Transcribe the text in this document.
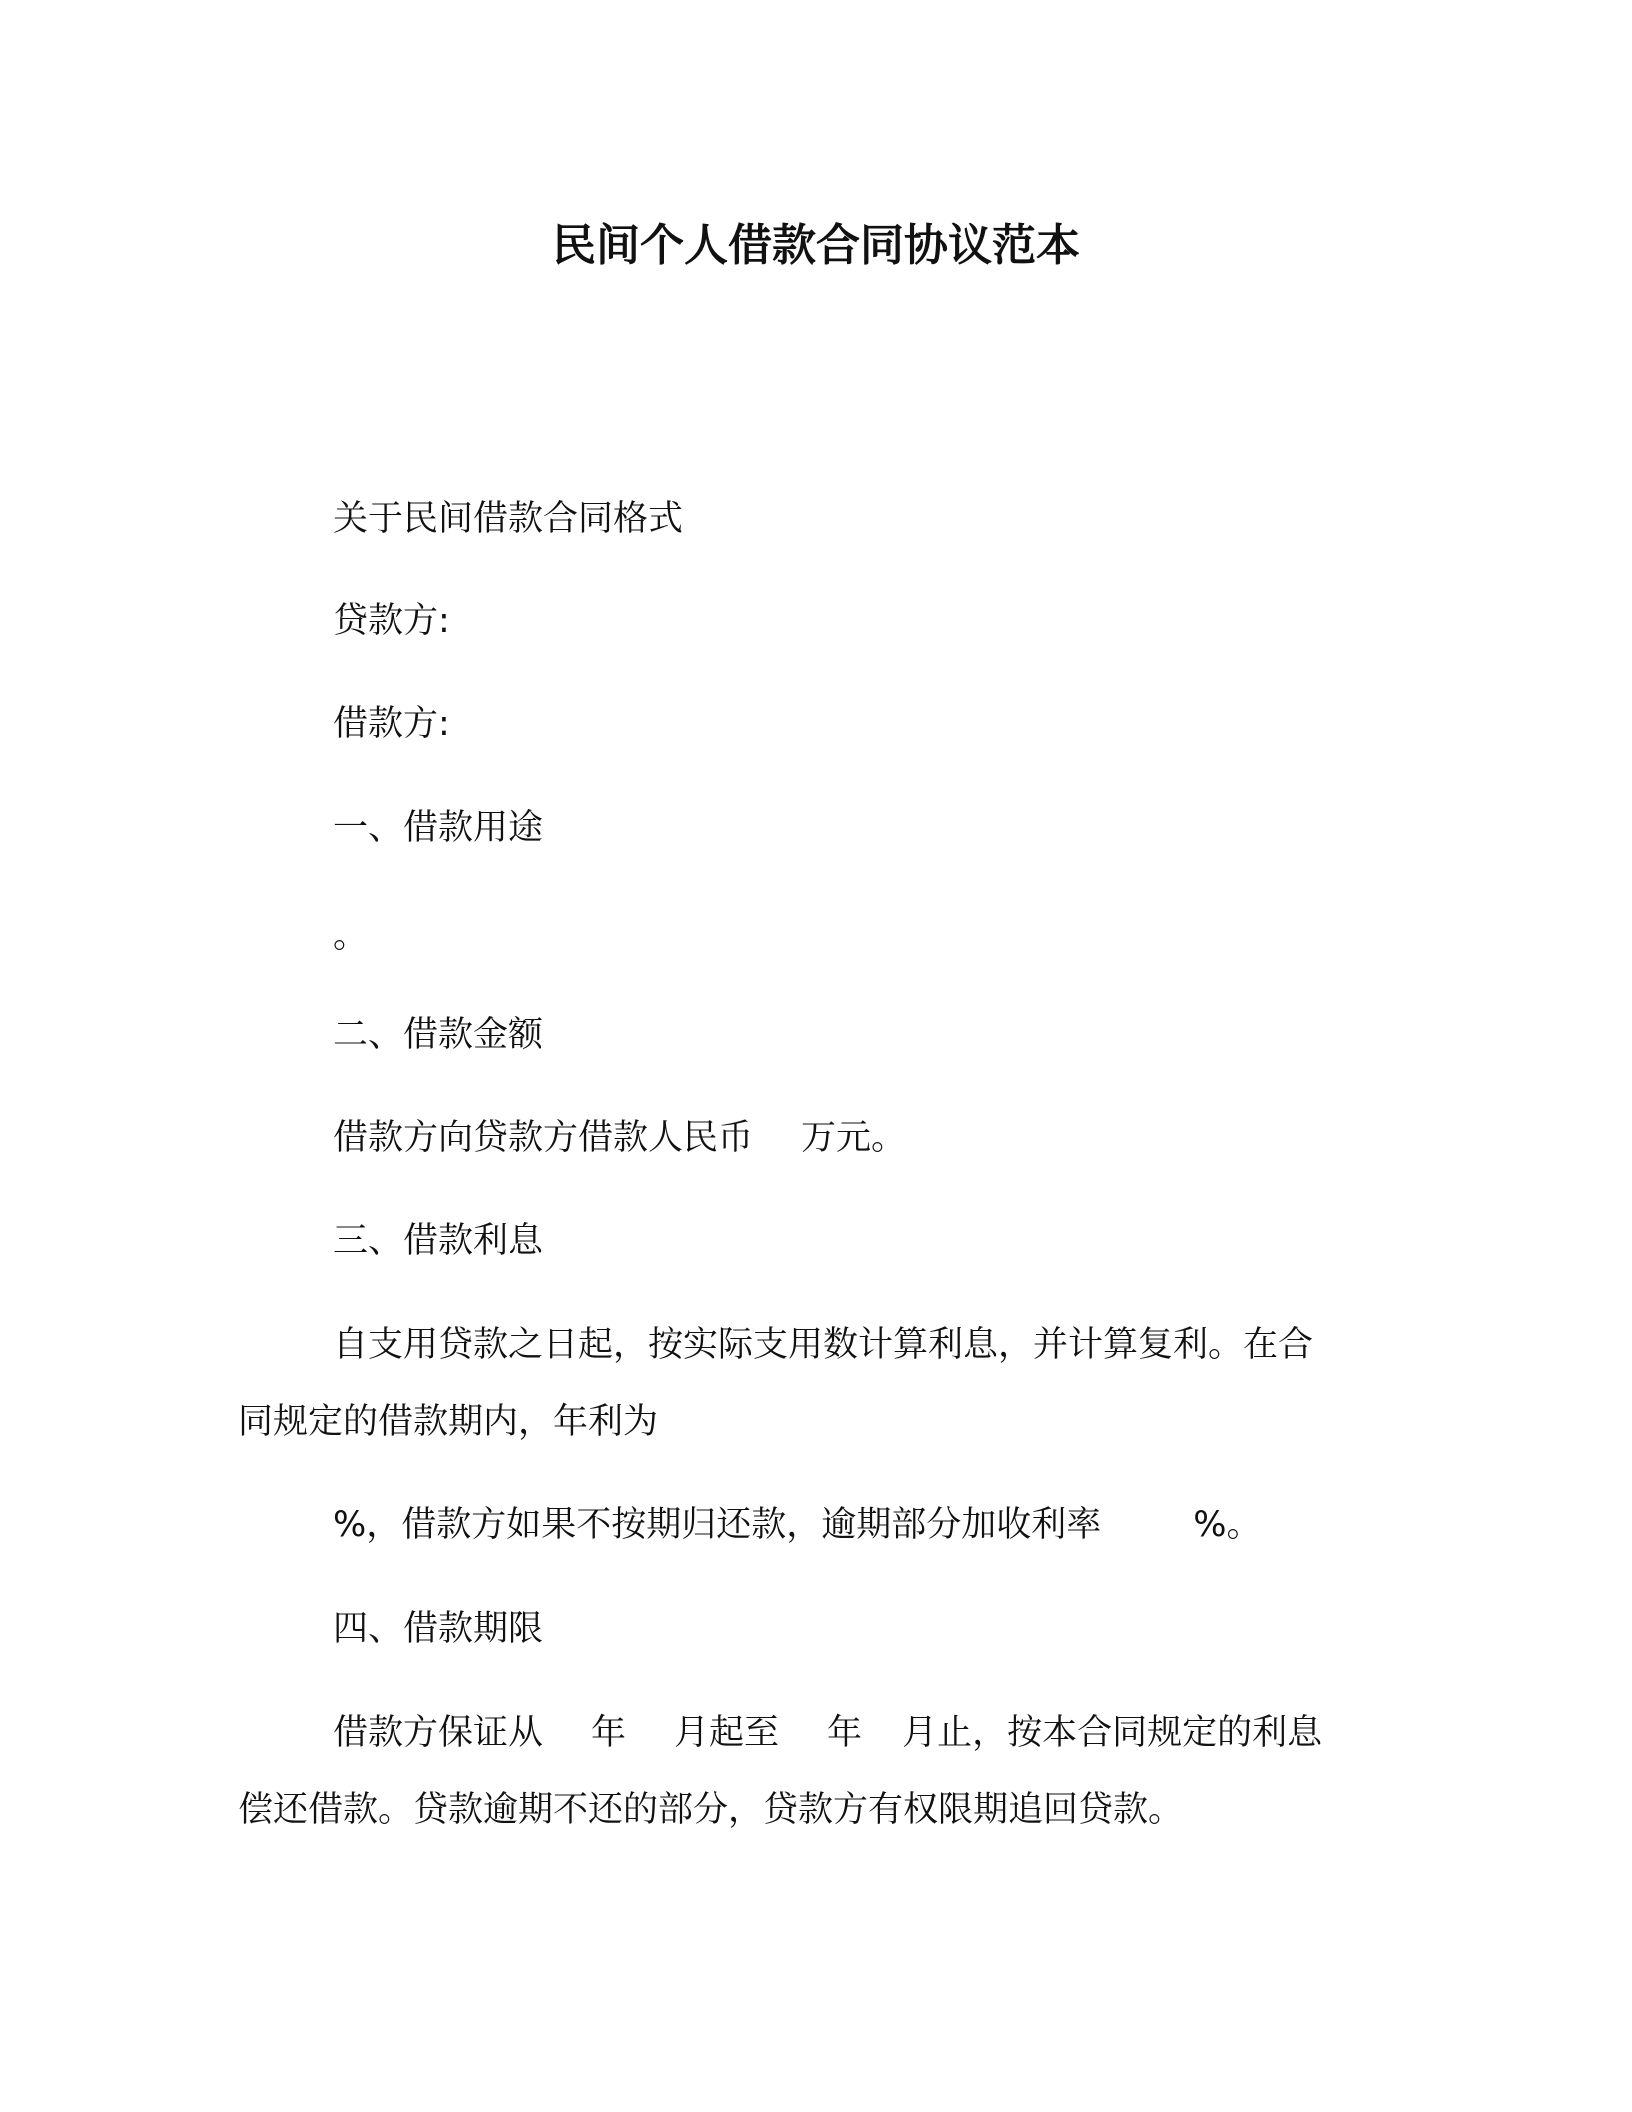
民间个人借款合同协议范本
关于民间借款合同格式
贷款方:
借款方:
一、借款用途
。
二、借款金额
借款方向贷款方借款人民币 万元。
三、借款利息
自支用贷款之日起，按实际支用数计算利息，并计算复利。在合
同规定的借款期内，年利为
%，借款方如果不按期归还款，逾期部分加收利率	%。
四、借款期限
借款方保证从 年 月起至 年 月止，按本合同规定的利息
偿还借款。贷款逾期不还的部分，贷款方有权限期追回贷款。
